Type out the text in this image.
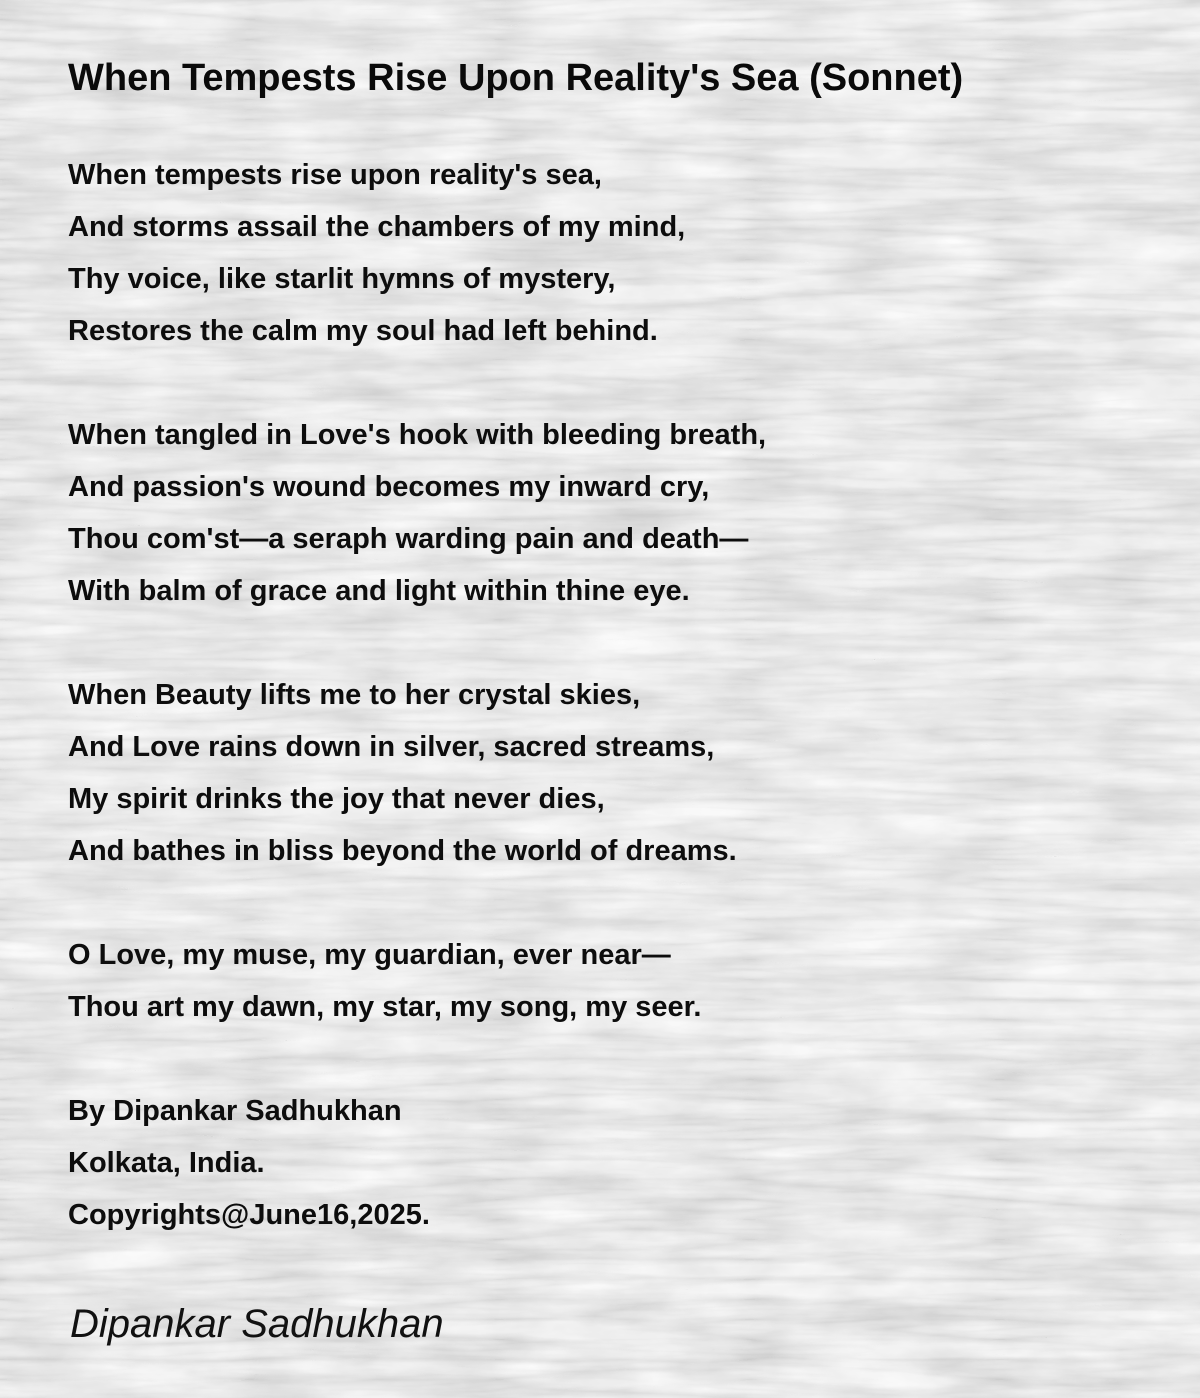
When Tempests Rise Upon Reality's Sea (Sonnet)
When tempests rise upon reality's sea,
And storms assail the chambers of my mind,
Thy voice, like starlit hymns of mystery,
Restores the calm my soul had left behind.
When tangled in Love's hook with bleeding breath,
And passion's wound becomes my inward cry,
Thou com'st—a seraph warding pain and death—
With balm of grace and light within thine eye.
When Beauty lifts me to her crystal skies,
And Love rains down in silver, sacred streams,
My spirit drinks the joy that never dies,
And bathes in bliss beyond the world of dreams.
O Love, my muse, my guardian, ever near—
Thou art my dawn, my star, my song, my seer.
By Dipankar Sadhukhan
Kolkata, India.
Copyrights@June16,2025.

Dipankar Sadhukhan
